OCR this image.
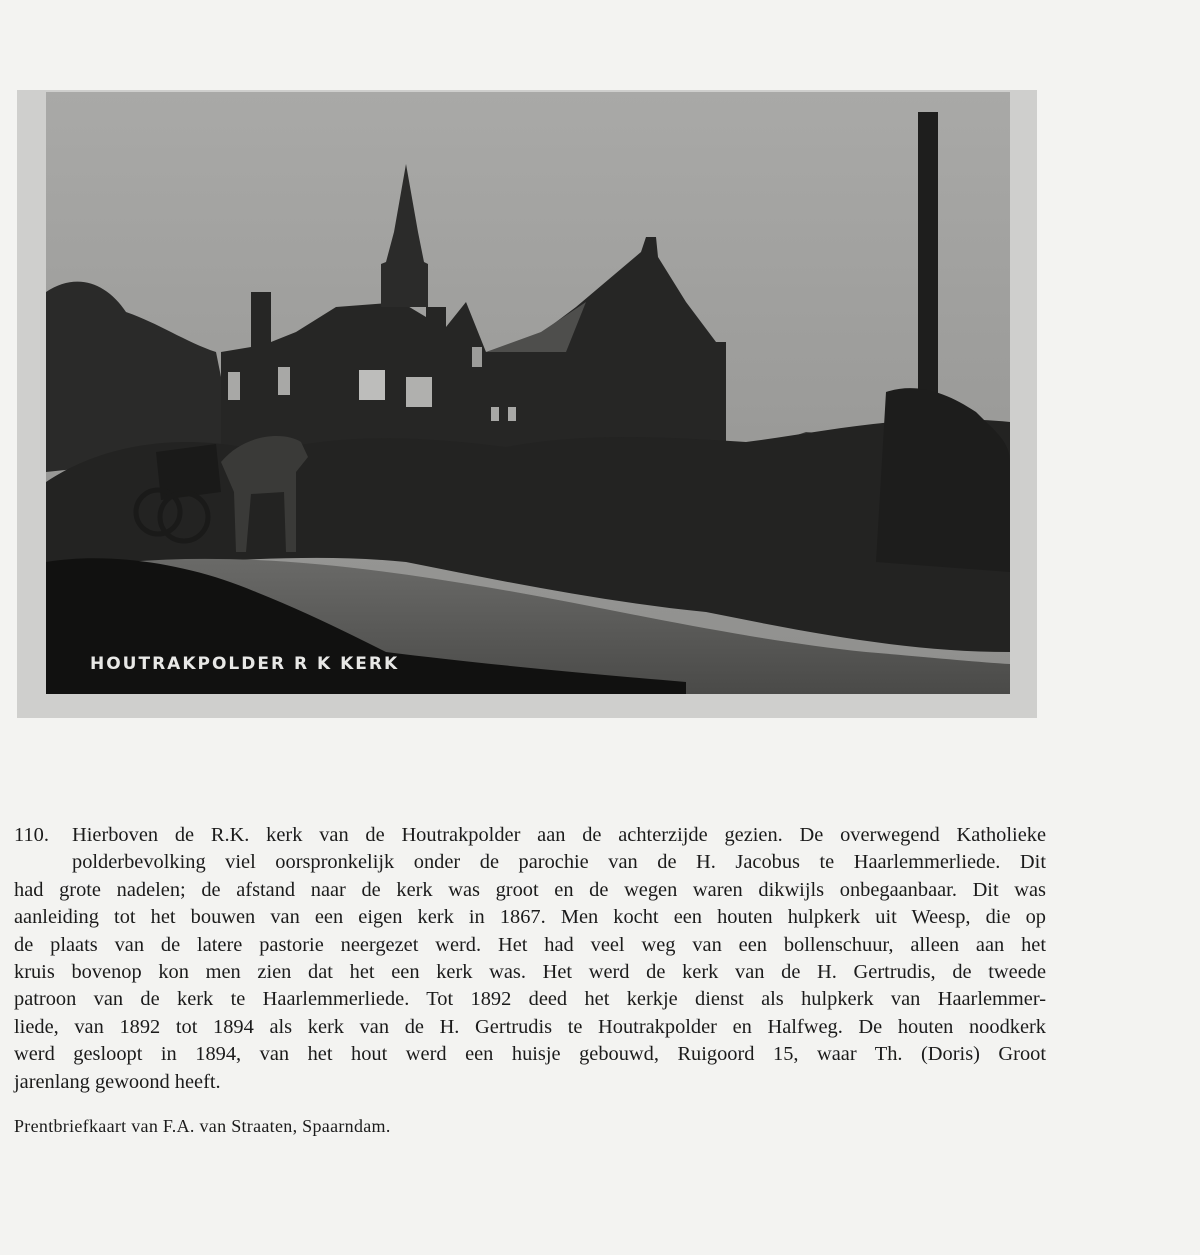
HOUTRAKPOLDER R K KERK
110. Hierboven de R.K. kerk van de Houtrakpolder aan de achterzijde gezien. De overwegend Katholieke
polderbevolking viel oorspronkelijk onder de parochie van de H. Jacobus te Haarlemmerliede. Dit
had grote nadelen; de afstand naar de kerk was groot en de wegen waren dikwijls onbegaanbaar. Dit was
aanleiding tot het bouwen van een eigen kerk in 1867. Men kocht een houten hulpkerk uit Weesp, die op
de plaats van de latere pastorie neergezet werd. Het had veel weg van een bollenschuur, alleen aan het
kruis bovenop kon men zien dat het een kerk was. Het werd de kerk van de H. Gertrudis, de tweede
patroon van de kerk te Haarlemmerliede. Tot 1892 deed het kerkje dienst als hulpkerk van Haarlemmer-
liede, van 1892 tot 1894 als kerk van de H. Gertrudis te Houtrakpolder en Halfweg. De houten noodkerk
werd gesloopt in 1894, van het hout werd een huisje gebouwd, Ruigoord 15, waar Th. (Doris) Groot
jarenlang gewoond heeft.
Prentbriefkaart van F.A. van Straaten, Spaarndam.
